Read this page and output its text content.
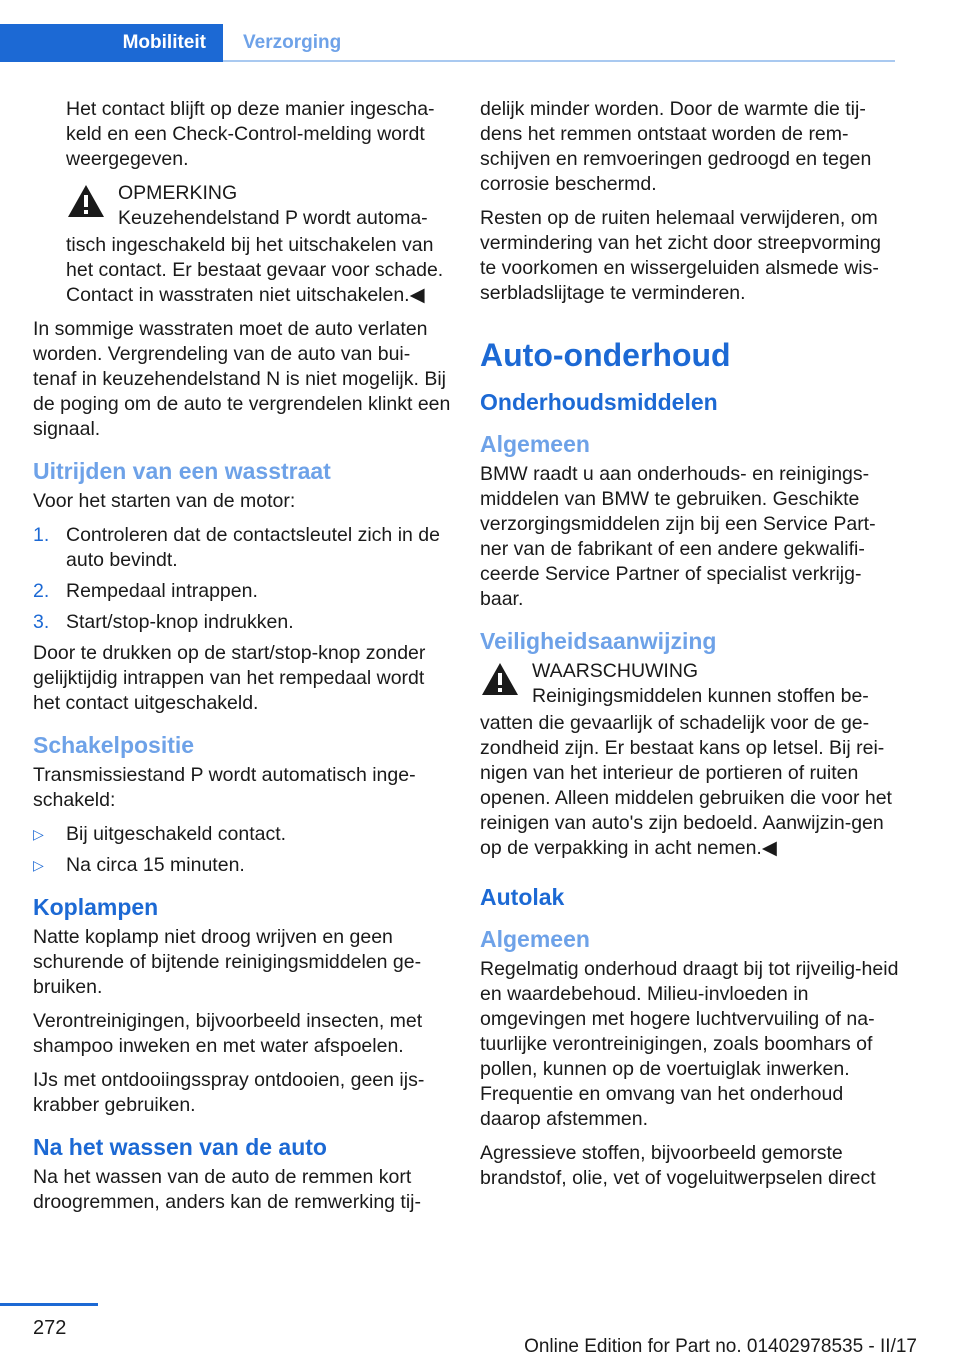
Mobiliteit	Verzorging

Het contact blijft op deze manier ingescha-keld en een Check-Control-melding wordt weergegeven.

OPMERKING
Keuzehendelstand P wordt automa-

tisch ingeschakeld bij het uitschakelen van het contact. Er bestaat gevaar voor schade. Contact in wasstraten niet uitschakelen.◀

In sommige wasstraten moet de auto verlaten worden. Vergrendeling van de auto van bui-tenaf in keuzehendelstand N is niet mogelijk. Bij de poging om de auto te vergrendelen klinkt een signaal.

Uitrijden van een wasstraat

Voor het starten van de motor:

1. Controleren dat de contactsleutel zich in de auto bevindt.
2. Rempedaal intrappen.
3. Start/stop-knop indrukken.

Door te drukken op de start/stop-knop zonder gelijktijdig intrappen van het rempedaal wordt het contact uitgeschakeld.

Schakelpositie

Transmissiestand P wordt automatisch inge-schakeld:

▷ Bij uitgeschakeld contact.
▷ Na circa 15 minuten.
Koplampen

Natte koplamp niet droog wrijven en geen schurende of bijtende reinigingsmiddelen ge-bruiken.

Verontreinigingen, bijvoorbeeld insecten, met shampoo inweken en met water afspoelen.

IJs met ontdooiingsspray ontdooien, geen ijs-krabber gebruiken.

Na het wassen van de auto

Na het wassen van de auto de remmen kort droogremmen, anders kan de remwerking tij-

delijk minder worden. Door de warmte die tij-dens het remmen ontstaat worden de rem-schijven en remvoeringen gedroogd en tegen corrosie beschermd.

Resten op de ruiten helemaal verwijderen, om vermindering van het zicht door streepvorming te voorkomen en wissergeluiden alsmede wis-serbladslijtage te verminderen.

Auto-onderhoud
Onderhoudsmiddelen
Algemeen

BMW raadt u aan onderhouds- en reinigings-middelen van BMW te gebruiken. Geschikte verzorgingsmiddelen zijn bij een Service Part-ner van de fabrikant of een andere gekwalifi-ceerde Service Partner of specialist verkrijg-baar.

Veiligheidsaanwijzing
WAARSCHUWING
Reinigingsmiddelen kunnen stoffen be-

vatten die gevaarlijk of schadelijk voor de ge-zondheid zijn. Er bestaat kans op letsel. Bij rei-nigen van het interieur de portieren of ruiten openen. Alleen middelen gebruiken die voor het reinigen van auto's zijn bedoeld. Aanwijzin-gen op de verpakking in acht nemen.◀

Autolak
Algemeen

Regelmatig onderhoud draagt bij tot rijveilig-heid en waardebehoud. Milieu-invloeden in omgevingen met hogere luchtvervuiling of na-tuurlijke verontreinigingen, zoals boomhars of pollen, kunnen op de voertuiglak inwerken. Frequentie en omvang van het onderhoud daarop afstemmen.

Agressieve stoffen, bijvoorbeeld gemorste brandstof, olie, vet of vogeluitwerpselen direct

272
Online Edition for Part no. 01402978535 - II/17
